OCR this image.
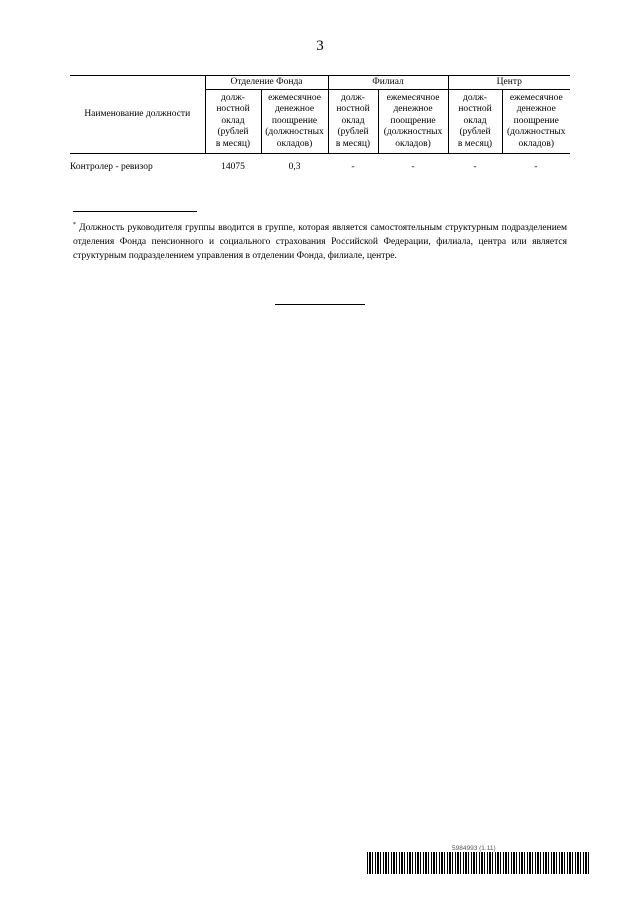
3
Наименование должности	Отделение Фонда		Филиал		Центр	
	долж-
ностной
оклад
(рублей
в месяц)	ежемесячное
денежное
поощрение
(должностных
окладов)	долж-
ностной
оклад
(рублей
в месяц)	ежемесячное
денежное
поощрение
(должностных
окладов)	долж-
ностной
оклад
(рублей
в месяц)	ежемесячное
денежное
поощрение
(должностных
окладов)
Контролер - ревизор	14075	0,3	-	-	-	-
* Должность руководителя группы вводится в группе, которая является самостоятельным структурным подразделением отделения Фонда пенсионного и социального страхования Российской Федерации, филиала, центра или является структурным подразделением управления в отделении Фонда, филиале, центре.
5984993 (1.11)
